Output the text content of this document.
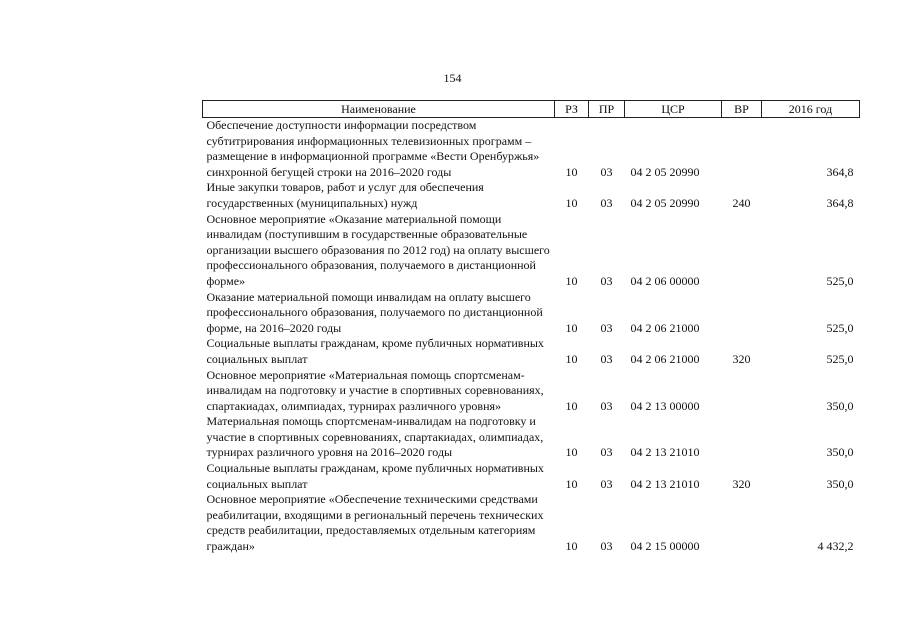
154
Наименование	РЗ	ПР	ЦСР	ВР	2016 год
Обеспечение доступности информации посредством субтитрирования информационных телевизионных программ – размещение в информационной программе «Вести Оренбуржья» синхронной бегущей строки на 2016–2020 годы	10	03	04 2 05 20990		364,8
Иные закупки товаров, работ и услуг для обеспечения государственных (муниципальных) нужд	10	03	04 2 05 20990	240	364,8
Основное мероприятие «Оказание материальной помощи инвалидам (поступившим в государственные образовательные организации высшего образования по 2012 год) на оплату высшего профессионального образования, получаемого в дистанционной форме»	10	03	04 2 06 00000		525,0
Оказание материальной помощи инвалидам на оплату высшего профессионального образования, получаемого по дистанционной форме, на 2016–2020 годы	10	03	04 2 06 21000		525,0
Социальные выплаты гражданам, кроме публичных нормативных социальных выплат	10	03	04 2 06 21000	320	525,0
Основное мероприятие «Материальная помощь спортсменам-инвалидам на подготовку и участие в спортивных соревнованиях, спартакиадах, олимпиадах, турнирах различного уровня»	10	03	04 2 13 00000		350,0
Материальная помощь спортсменам-инвалидам на подготовку и участие в спортивных соревнованиях, спартакиадах, олимпиадах, турнирах различного уровня на 2016–2020 годы	10	03	04 2 13 21010		350,0
Социальные выплаты гражданам, кроме публичных нормативных социальных выплат	10	03	04 2 13 21010	320	350,0
Основное мероприятие «Обеспечение техническими средствами реабилитации, входящими в региональный перечень технических средств реабилитации, предоставляемых отдельным категориям граждан»	10	03	04 2 15 00000		4 432,2
